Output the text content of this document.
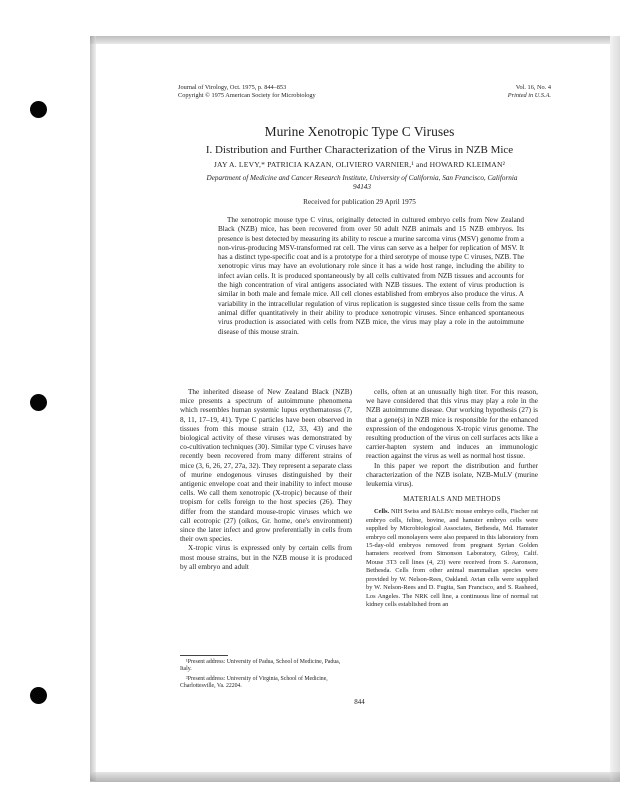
Journal of Virology, Oct. 1975, p. 844–853
Copyright © 1975 American Society for Microbiology
Vol. 16, No. 4
Printed in U.S.A.
Murine Xenotropic Type C Viruses
I. Distribution and Further Characterization of the Virus in NZB Mice
JAY A. LEVY,* PATRICIA KAZAN, OLIVIERO VARNIER,¹ and HOWARD KLEIMAN²
Department of Medicine and Cancer Research Institute, University of California, San Francisco, California 94143
Received for publication 29 April 1975
The xenotropic mouse type C virus, originally detected in cultured embryo cells from New Zealand Black (NZB) mice, has been recovered from over 50 adult NZB animals and 15 NZB embryos. Its presence is best detected by measuring its ability to rescue a murine sarcoma virus (MSV) genome from a non-virus-producing MSV-transformed rat cell. The virus can serve as a helper for replication of MSV. It has a distinct type-specific coat and is a prototype for a third serotype of mouse type C viruses, NZB. The xenotropic virus may have an evolutionary role since it has a wide host range, including the ability to infect avian cells. It is produced spontaneously by all cells cultivated from NZB tissues and accounts for the high concentration of viral antigens associated with NZB tissues. The extent of virus production is similar in both male and female mice. All cell clones established from embryos also produce the virus. A variability in the intracellular regulation of virus replication is suggested since tissue cells from the same animal differ quantitatively in their ability to produce xenotropic viruses. Since enhanced spontaneous virus production is associated with cells from NZB mice, the virus may play a role in the autoimmune disease of this mouse strain.

The inherited disease of New Zealand Black (NZB) mice presents a spectrum of autoimmune phenomena which resembles human systemic lupus erythematosus (7, 8, 11, 17–19, 41). Type C particles have been observed in tissues from this mouse strain (12, 33, 43) and the biological activity of these viruses was demonstrated by co-cultivation techniques (30). Similar type C viruses have recently been recovered from many different strains of mice (3, 6, 26, 27, 27a, 32). They represent a separate class of murine endogenous viruses distinguished by their antigenic envelope coat and their inability to infect mouse cells. We call them xenotropic (X-tropic) because of their tropism for cells foreign to the host species (26). They differ from the standard mouse-tropic viruses which we call ecotropic (27) (oikos, Gr. home, one's environment) since the later infect and grow preferentially in cells from their own species.

X-tropic virus is expressed only by certain cells from most mouse strains, but in the NZB mouse it is produced by all embryo and adult

cells, often at an unusually high titer. For this reason, we have considered that this virus may play a role in the NZB autoimmune disease. Our working hypothesis (27) is that a gene(s) in NZB mice is responsible for the enhanced expression of the endogenous X-tropic virus genome. The resulting production of the virus on cell surfaces acts like a carrier-hapten system and induces an immunologic reaction against the virus as well as normal host tissue.

In this paper we report the distribution and further characterization of the NZB isolate, NZB-MuLV (murine leukemia virus).

MATERIALS AND METHODS

Cells. NIH Swiss and BALB/c mouse embryo cells, Fischer rat embryo cells, feline, bovine, and hamster embryo cells were supplied by Microbiological Associates, Bethesda, Md. Hamster embryo cell monolayers were also prepared in this laboratory from 15-day-old embryos removed from pregnant Syrian Golden hamsters received from Simonson Laboratory, Gilroy, Calif. Mouse 3T3 cell lines (4, 23) were received from S. Aaronson, Bethesda. Cells from other animal mammalian species were provided by W. Nelson-Rees, Oakland. Avian cells were supplied by W. Nelson-Rees and D. Fugita, San Francisco, and S. Rasheed, Los Angeles. The NRK cell line, a continuous line of normal rat kidney cells established from an

¹Present address: University of Padua, School of Medicine, Padua, Italy.

²Present address: University of Virginia, School of Medicine, Charlottesville, Va. 22204.

844
